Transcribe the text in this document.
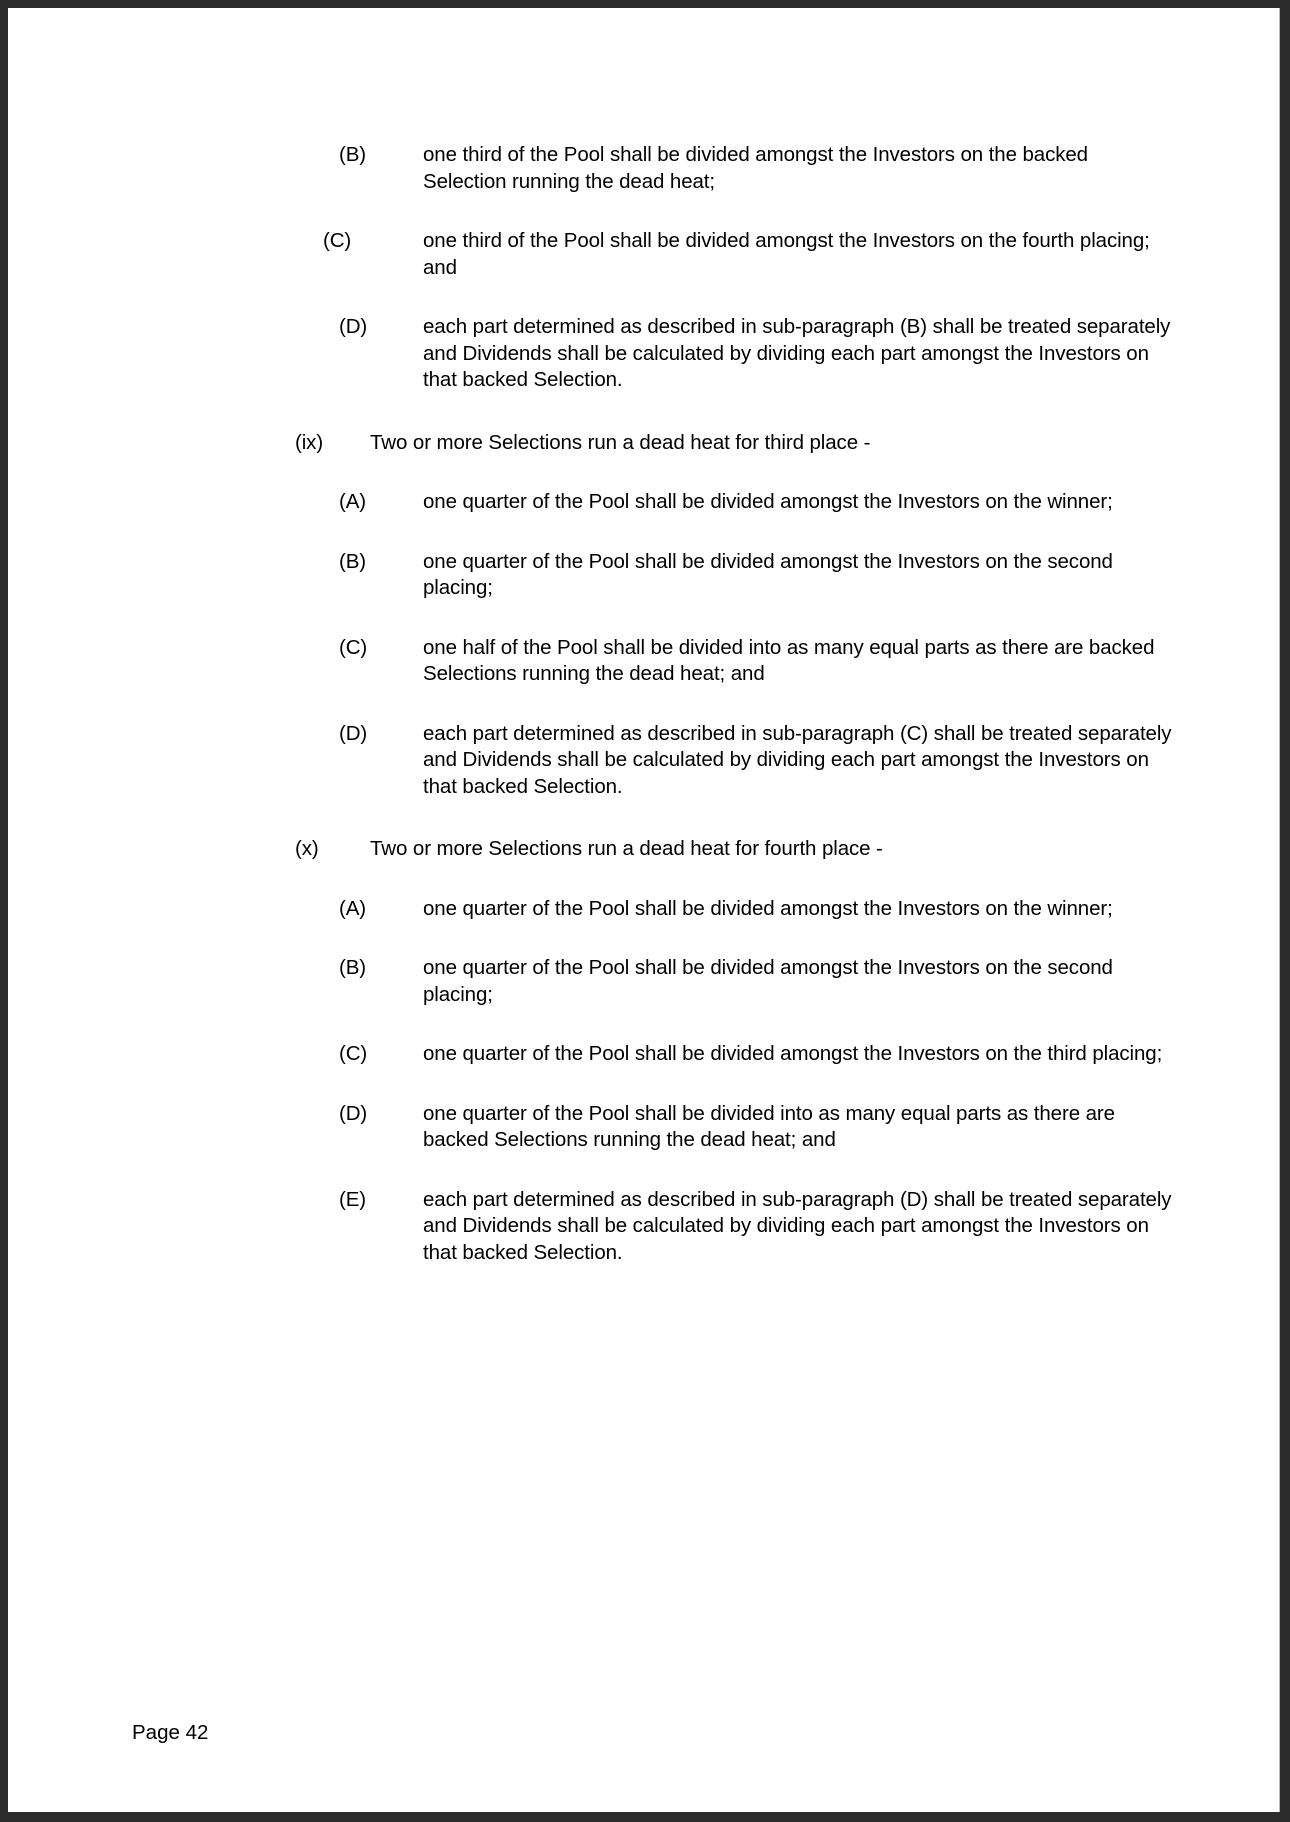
(B)	one third of the Pool shall be divided amongst the Investors on the backed Selection running the dead heat;
(C)	one third of the Pool shall be divided amongst the Investors on the fourth placing; and
(D)	each part determined as described in sub-paragraph (B) shall be treated separately and Dividends shall be calculated by dividing each part amongst the Investors on that backed Selection.
(ix)	Two or more Selections run a dead heat for third place -
(A)	one quarter of the Pool shall be divided amongst the Investors on the winner;
(B)	one quarter of the Pool shall be divided amongst the Investors on the second placing;
(C)	one half of the Pool shall be divided into as many equal parts as there are backed Selections running the dead heat; and
(D)	each part determined as described in sub-paragraph (C) shall be treated separately and Dividends shall be calculated by dividing each part amongst the Investors on that backed Selection.
(x)	Two or more Selections run a dead heat for fourth place -
(A)	one quarter of the Pool shall be divided amongst the Investors on the winner;
(B)	one quarter of the Pool shall be divided amongst the Investors on the second placing;
(C)	one quarter of the Pool shall be divided amongst the Investors on the third placing;
(D)	one quarter of the Pool shall be divided into as many equal parts as there are backed Selections running the dead heat; and
(E)	each part determined as described in sub-paragraph (D) shall be treated separately and Dividends shall be calculated by dividing each part amongst the Investors on that backed Selection.
Page 42
